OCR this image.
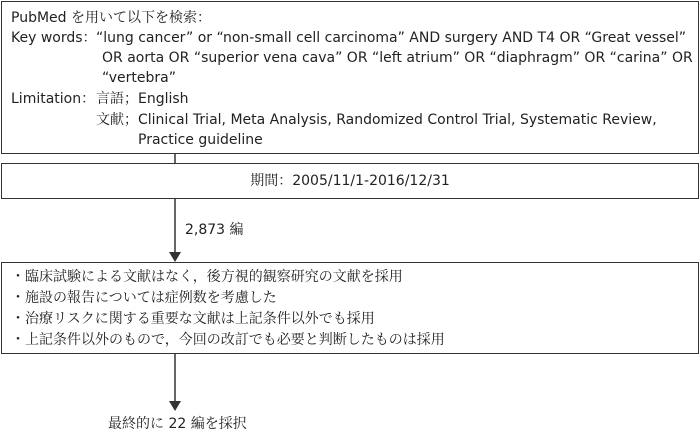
PubMed を用いて以下を検索：
Key words： “lung cancer” or “non-small cell carcinoma” AND surgery AND T4 OR “Great vessel”
OR aorta OR “superior vena cava” OR “left atrium” OR “diaphragm” OR “carina” OR
“vertebra”
Limitation： 言語；English
文献；Clinical Trial, Meta Analysis, Randomized Control Trial, Systematic Review,
Practice guideline
期間：2005/11/1-2016/12/31
2,873 編
・臨床試験による文献はなく，後方視的観察研究の文献を採用
・施設の報告については症例数を考慮した
・治療リスクに関する重要な文献は上記条件以外でも採用
・上記条件以外のもので，今回の改訂でも必要と判断したものは採用
最終的に 22 編を採択
